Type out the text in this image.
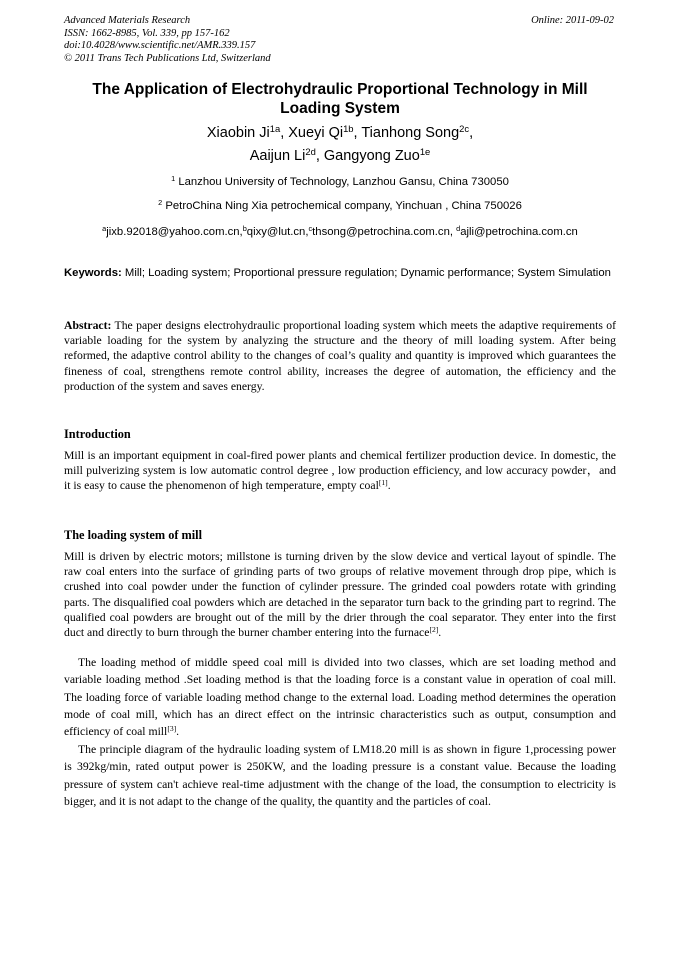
Advanced Materials Research
ISSN: 1662-8985, Vol. 339, pp 157-162
doi:10.4028/www.scientific.net/AMR.339.157
© 2011 Trans Tech Publications Ltd, Switzerland
Online: 2011-09-02
The Application of Electrohydraulic Proportional Technology in Mill Loading System
Xiaobin $Ji^{1a}$, Xueyi $Qi^{1b}$, Tianhong Song$^{2c}$,
Aaijun $Li^{2d}$, Gangyong Zuo$^{1e}$
$^1$ Lanzhou University of Technology, Lanzhou Gansu, China 730050
$^2$ PetroChina Ning Xia petrochemical company, Yinchuan , China 750026
$^a$jixb.92018@yahoo.com.cn,$^b$qixy@lut.cn,$^c$thsong@petrochina.com.cn, $^d$ajli@petrochina.com.cn
Keywords: Mill; Loading system; Proportional pressure regulation; Dynamic performance; System Simulation
Abstract: The paper designs electrohydraulic proportional loading system which meets the adaptive requirements of variable loading for the system by analyzing the structure and the theory of mill loading system. After being reformed, the adaptive control ability to the changes of coal’s quality and quantity is improved which guarantees the fineness of coal, strengthens remote control ability, increases the degree of automation, the efficiency and the production of the system and saves energy.
Introduction
Mill is an important equipment in coal-fired power plants and chemical fertilizer production device. In domestic, the mill pulverizing system is low automatic control degree , low production efficiency, and low accuracy powder，and it is easy to cause the phenomenon of high temperature, empty coal[1].
The loading system of mill
Mill is driven by electric motors; millstone is turning driven by the slow device and vertical layout of spindle. The raw coal enters into the surface of grinding parts of two groups of relative movement through drop pipe, which is crushed into coal powder under the function of cylinder pressure. The grinded coal powders rotate with grinding parts. The disqualified coal powders which are detached in the separator turn back to the grinding part to regrind. The qualified coal powders are brought out of the mill by the drier through the coal separator. They enter into the first duct and directly to burn through the burner chamber entering into the furnace[2].
The loading method of middle speed coal mill is divided into two classes, which are set loading method and variable loading method .Set loading method is that the loading force is a constant value in operation of coal mill. The loading force of variable loading method change to the external load. Loading method determines the operation mode of coal mill, which has an direct effect on the intrinsic characteristics such as output, consumption and efficiency of coal mill[3].
The principle diagram of the hydraulic loading system of LM18.20 mill is as shown in figure 1,processing power is 392kg/min, rated output power is 250KW, and the loading pressure is a constant value. Because the loading pressure of system can't achieve real-time adjustment with the change of the load, the consumption to electricity is bigger, and it is not adapt to the change of the quality, the quantity and the particles of coal.
